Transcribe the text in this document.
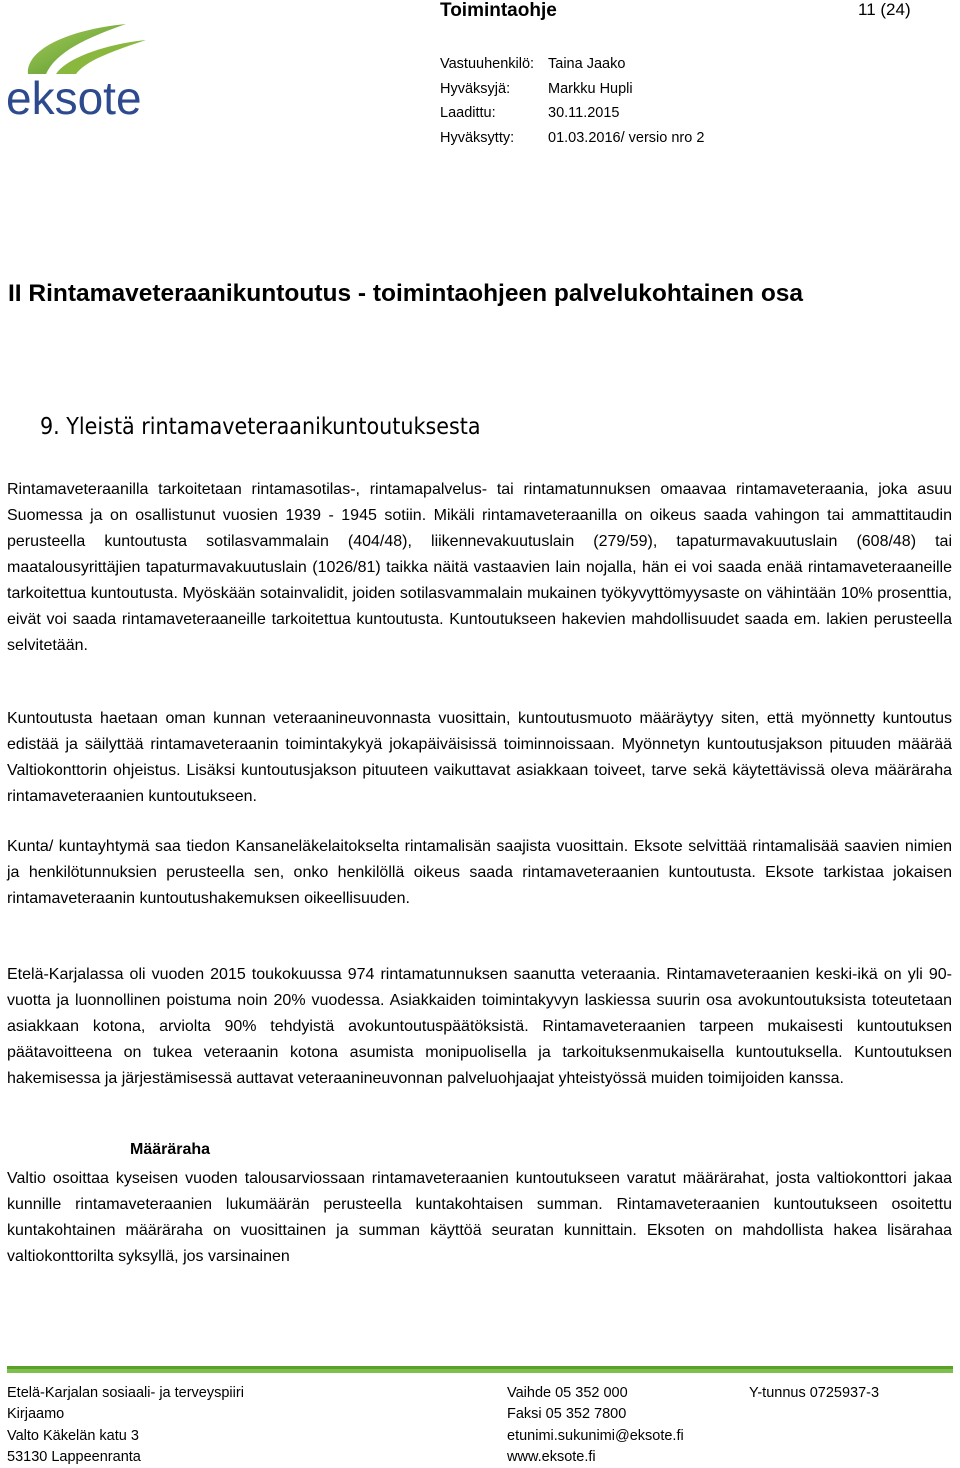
eksote
Toimintaohje	11 (24)
Vastuuhenkilö: Taina Jaako
Hyväksyjä:	Markku Hupli
Laadittu:	30.11.2015
Hyväksytty:	01.03.2016/ versio nro 2
II Rintamaveteraanikuntoutus - toimintaohjeen palvelukohtainen osa
9. Yleistä rintamaveteraanikuntoutuksesta

Rintamaveteraanilla tarkoitetaan rintamasotilas-, rintamapalvelus- tai rintamatunnuksen omaavaa rintamaveteraania, joka asuu Suomessa ja on osallistunut vuosien 1939 - 1945 sotiin. Mikäli rintamaveteraanilla on oikeus saada vahingon tai ammattitaudin perusteella kuntoutusta sotilasvammalain (404/48), liikennevakuutuslain (279/59), tapaturmavakuutuslain (608/48) tai maatalousyrittäjien tapaturmavakuutuslain (1026/81) taikka näitä vastaavien lain nojalla, hän ei voi saada enää rintamaveteraaneille tarkoitettua kuntoutusta. Myöskään sotainvalidit, joiden sotilasvammalain mukainen työkyvyttömyysaste on vähintään 10% prosenttia, eivät voi saada rintamaveteraaneille tarkoitettua kuntoutusta. Kuntoutukseen hakevien mahdollisuudet saada em. lakien perusteella selvitetään.

Kuntoutusta haetaan oman kunnan veteraanineuvonnasta vuosittain, kuntoutusmuoto määräytyy siten, että myönnetty kuntoutus edistää ja säilyttää rintamaveteraanin toimintakykyä jokapäiväisissä toiminnoissaan. Myönnetyn kuntoutusjakson pituuden määrää Valtiokonttorin ohjeistus. Lisäksi kuntoutusjakson pituuteen vaikuttavat asiakkaan toiveet, tarve sekä käytettävissä oleva määräraha rintamaveteraanien kuntoutukseen.

Kunta/ kuntayhtymä saa tiedon Kansaneläkelaitokselta rintamalisän saajista vuosittain. Eksote selvittää rintamalisää saavien nimien ja henkilötunnuksien perusteella sen, onko henkilöllä oikeus saada rintamaveteraanien kuntoutusta. Eksote tarkistaa jokaisen rintamaveteraanin kuntoutushakemuksen oikeellisuuden.

Etelä-Karjalassa oli vuoden 2015 toukokuussa 974 rintamatunnuksen saanutta veteraania. Rintamaveteraanien keski-ikä on yli 90- vuotta ja luonnollinen poistuma noin 20% vuodessa. Asiakkaiden toimintakyvyn laskiessa suurin osa avokuntoutuksista toteutetaan asiakkaan kotona, arviolta 90% tehdyistä avokuntoutuspäätöksistä. Rintamaveteraanien tarpeen mukaisesti kuntoutuksen päätavoitteena on tukea veteraanin kotona asumista monipuolisella ja tarkoituksenmukaisella kuntoutuksella. Kuntoutuksen hakemisessa ja järjestämisessä auttavat veteraanineuvonnan palveluohjaajat yhteistyössä muiden toimijoiden kanssa.

Määräraha

Valtio osoittaa kyseisen vuoden talousarviossaan rintamaveteraanien kuntoutukseen varatut määrärahat, josta valtiokonttori jakaa kunnille rintamaveteraanien lukumäärän perusteella kuntakohtaisen summan. Rintamaveteraanien kuntoutukseen osoitettu kuntakohtainen määräraha on vuosittainen ja summan käyttöä seuratan kunnittain. Eksoten on mahdollista hakea lisärahaa valtiokonttorilta syksyllä, jos varsinainen

Etelä-Karjalan sosiaali- ja terveyspiiri
Kirjaamo
Valto Käkelän katu 3
53130 Lappeenranta
Vaihde 05 352 000
Faksi 05 352 7800
etunimi.sukunimi@eksote.fi
www.eksote.fi
Y-tunnus 0725937-3
